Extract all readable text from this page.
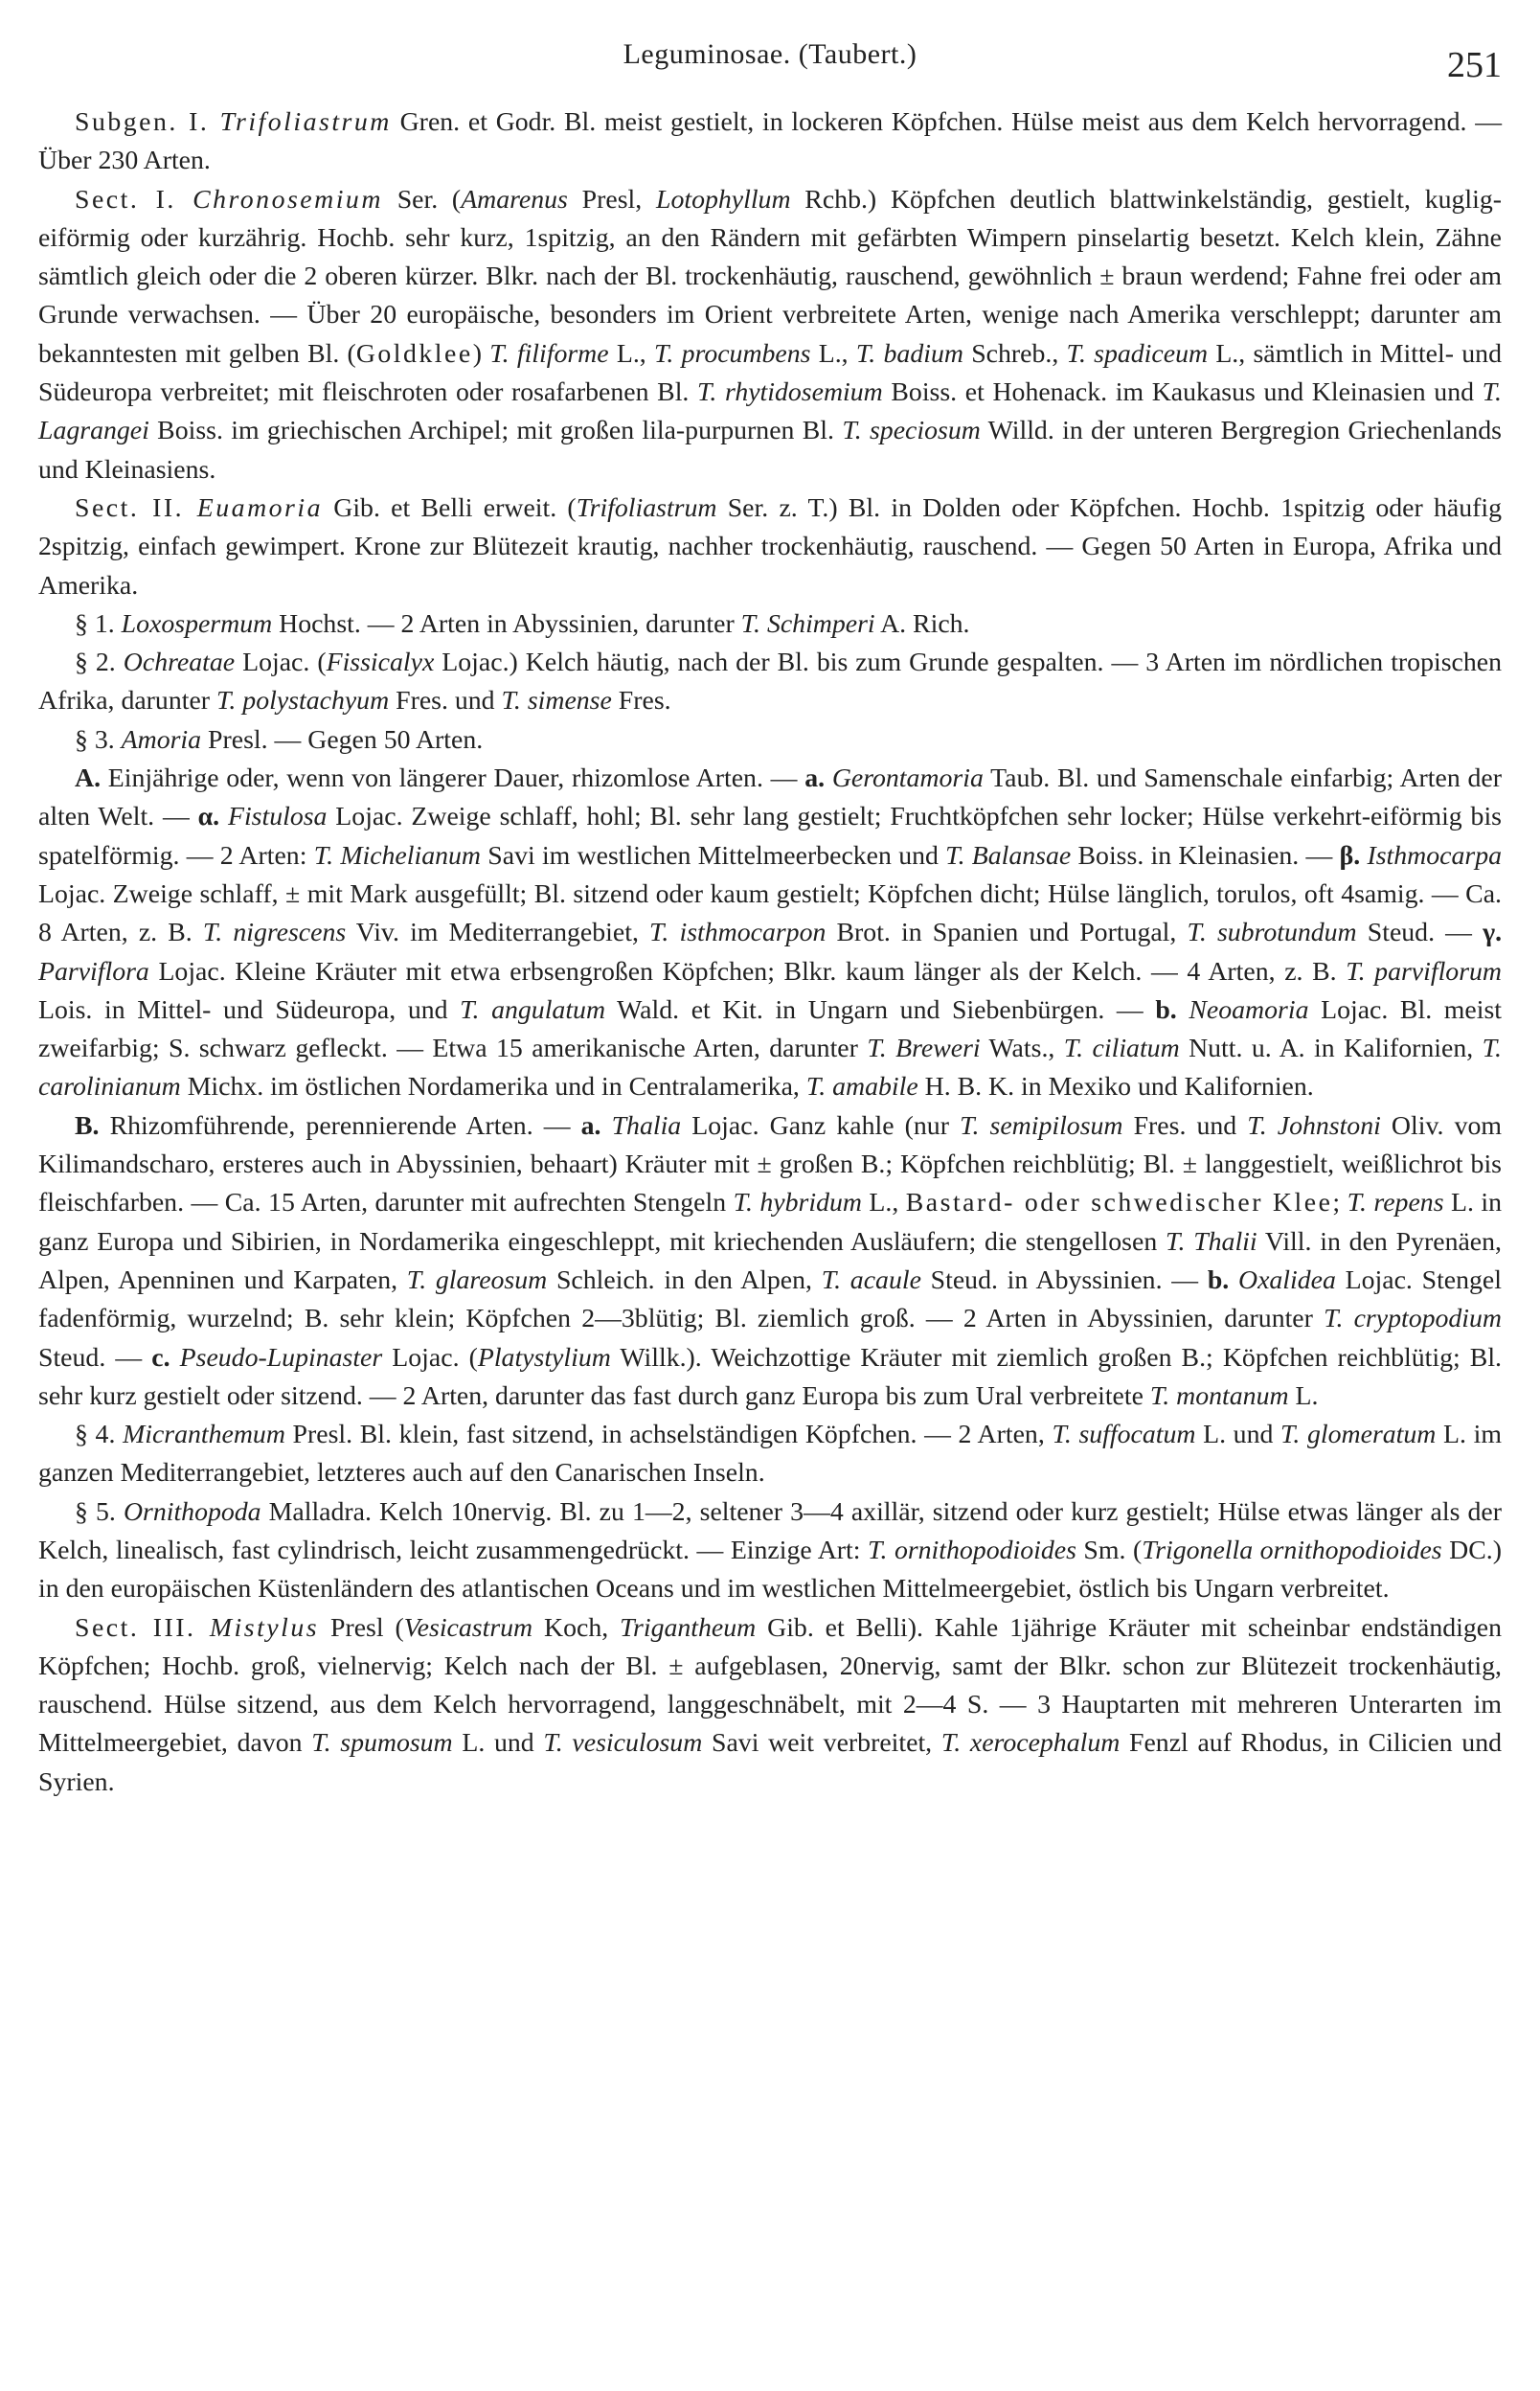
Leguminosae. (Taubert.)	251

Subgen. I. Trifoliastrum Gren. et Godr. Bl. meist gestielt, in lockeren Köpfchen. Hülse meist aus dem Kelch hervorragend. — Über 230 Arten.

Sect. I. Chronosemium Ser. (Amarenus Presl, Lotophyllum Rchb.) Köpfchen deutlich blattwinkelständig, gestielt, kuglig-eiförmig oder kurzährig. Hochb. sehr kurz, 1spitzig, an den Rändern mit gefärbten Wimpern pinselartig besetzt. Kelch klein, Zähne sämtlich gleich oder die 2 oberen kürzer. Blkr. nach der Bl. trockenhäutig, rauschend, gewöhnlich ± braun werdend; Fahne frei oder am Grunde verwachsen. — Über 20 europäische, besonders im Orient verbreitete Arten, wenige nach Amerika verschleppt; darunter am bekanntesten mit gelben Bl. (Goldklee) T. filiforme L., T. procumbens L., T. badium Schreb., T. spadiceum L., sämtlich in Mittel- und Südeuropa verbreitet; mit fleischroten oder rosafarbenen Bl. T. rhytidosemium Boiss. et Hohenack. im Kaukasus und Kleinasien und T. Lagrangei Boiss. im griechischen Archipel; mit großen lila-purpurnen Bl. T. speciosum Willd. in der unteren Bergregion Griechenlands und Kleinasiens.

Sect. II. Euamoria Gib. et Belli erweit. (Trifoliastrum Ser. z. T.) Bl. in Dolden oder Köpfchen. Hochb. 1spitzig oder häufig 2spitzig, einfach gewimpert. Krone zur Blütezeit krautig, nachher trockenhäutig, rauschend. — Gegen 50 Arten in Europa, Afrika und Amerika.

§ 1. Loxospermum Hochst. — 2 Arten in Abyssinien, darunter T. Schimperi A. Rich.

§ 2. Ochreatae Lojac. (Fissicalyx Lojac.) Kelch häutig, nach der Bl. bis zum Grunde gespalten. — 3 Arten im nördlichen tropischen Afrika, darunter T. polystachyum Fres. und T. simense Fres.

§ 3. Amoria Presl. — Gegen 50 Arten.

A. Einjährige oder, wenn von längerer Dauer, rhizomlose Arten. — a. Gerontamoria Taub. Bl. und Samenschale einfarbig; Arten der alten Welt. — α. Fistulosa Lojac. Zweige schlaff, hohl; Bl. sehr lang gestielt; Fruchtköpfchen sehr locker; Hülse verkehrt-eiförmig bis spatelförmig. — 2 Arten: T. Michelianum Savi im westlichen Mittelmeerbecken und T. Balansae Boiss. in Kleinasien. — β. Isthmocarpa Lojac. Zweige schlaff, ± mit Mark ausgefüllt; Bl. sitzend oder kaum gestielt; Köpfchen dicht; Hülse länglich, torulos, oft 4samig. — Ca. 8 Arten, z. B. T. nigrescens Viv. im Mediterrangebiet, T. isthmocarpon Brot. in Spanien und Portugal, T. subrotundum Steud. — γ. Parviflora Lojac. Kleine Kräuter mit etwa erbsengroßen Köpfchen; Blkr. kaum länger als der Kelch. — 4 Arten, z. B. T. parviflorum Lois. in Mittel- und Südeuropa, und T. angulatum Wald. et Kit. in Ungarn und Siebenbürgen. — b. Neoamoria Lojac. Bl. meist zweifarbig; S. schwarz gefleckt. — Etwa 15 amerikanische Arten, darunter T. Breweri Wats., T. ciliatum Nutt. u. A. in Kalifornien, T. carolinianum Michx. im östlichen Nordamerika und in Centralamerika, T. amabile H. B. K. in Mexiko und Kalifornien.

B. Rhizomführende, perennierende Arten. — a. Thalia Lojac. Ganz kahle (nur T. semipilosum Fres. und T. Johnstoni Oliv. vom Kilimandscharo, ersteres auch in Abyssinien, behaart) Kräuter mit ± großen B.; Köpfchen reichblütig; Bl. ± langgestielt, weißlichrot bis fleischfarben. — Ca. 15 Arten, darunter mit aufrechten Stengeln T. hybridum L., Bastard- oder schwedischer Klee; T. repens L. in ganz Europa und Sibirien, in Nordamerika eingeschleppt, mit kriechenden Ausläufern; die stengellosen T. Thalii Vill. in den Pyrenäen, Alpen, Apenninen und Karpaten, T. glareosum Schleich. in den Alpen, T. acaule Steud. in Abyssinien. — b. Oxalidea Lojac. Stengel fadenförmig, wurzelnd; B. sehr klein; Köpfchen 2—3blütig; Bl. ziemlich groß. — 2 Arten in Abyssinien, darunter T. cryptopodium Steud. — c. Pseudo-Lupinaster Lojac. (Platystylium Willk.). Weichzottige Kräuter mit ziemlich großen B.; Köpfchen reichblütig; Bl. sehr kurz gestielt oder sitzend. — 2 Arten, darunter das fast durch ganz Europa bis zum Ural verbreitete T. montanum L.

§ 4. Micranthemum Presl. Bl. klein, fast sitzend, in achselständigen Köpfchen. — 2 Arten, T. suffocatum L. und T. glomeratum L. im ganzen Mediterrangebiet, letzteres auch auf den Canarischen Inseln.

§ 5. Ornithopoda Malladra. Kelch 10nervig. Bl. zu 1—2, seltener 3—4 axillär, sitzend oder kurz gestielt; Hülse etwas länger als der Kelch, linealisch, fast cylindrisch, leicht zusammengedrückt. — Einzige Art: T. ornithopodioides Sm. (Trigonella ornithopodioides DC.) in den europäischen Küstenländern des atlantischen Oceans und im westlichen Mittelmeergebiet, östlich bis Ungarn verbreitet.

Sect. III. Mistylus Presl (Vesicastrum Koch, Trigantheum Gib. et Belli). Kahle 1jährige Kräuter mit scheinbar endständigen Köpfchen; Hochb. groß, vielnervig; Kelch nach der Bl. ± aufgeblasen, 20nervig, samt der Blkr. schon zur Blütezeit trockenhäutig, rauschend. Hülse sitzend, aus dem Kelch hervorragend, langgeschnäbelt, mit 2—4 S. — 3 Hauptarten mit mehreren Unterarten im Mittelmeergebiet, davon T. spumosum L. und T. vesiculosum Savi weit verbreitet, T. xerocephalum Fenzl auf Rhodus, in Cilicien und Syrien.
